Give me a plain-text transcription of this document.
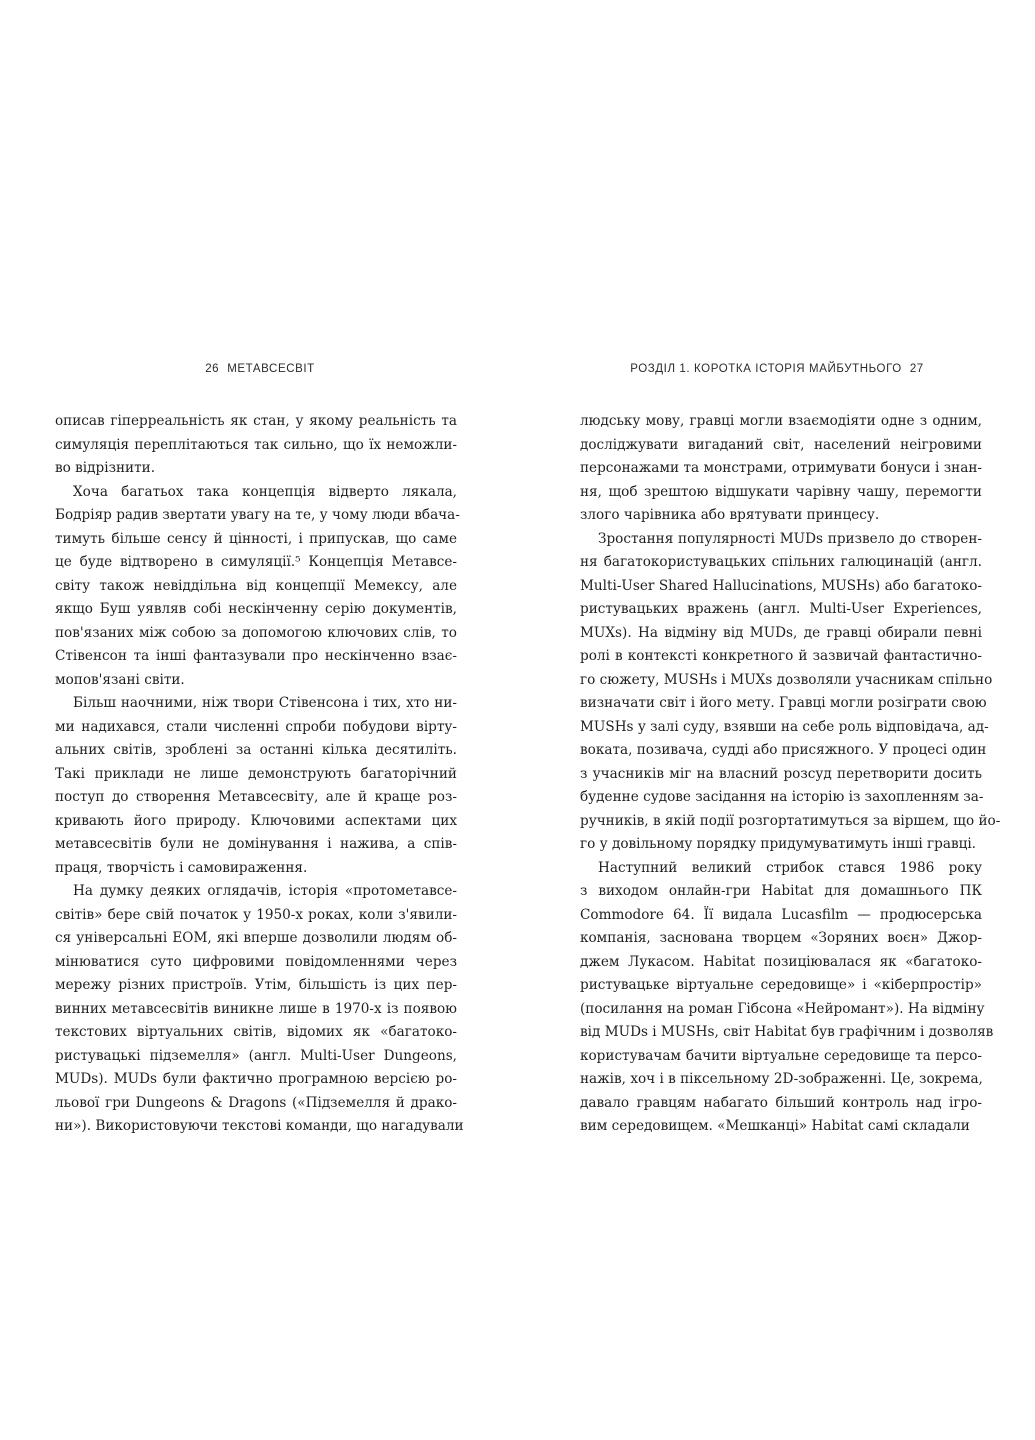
26 МЕТАВСЕСВІТ

описав гіперреальність як стан, у якому реальність та
симуляція переплітаються так сильно, що їх неможли-
во відрізнити.

Хоча багатьох така концепція відверто лякала,
Бодріяр радив звертати увагу на те, у чому люди вбача-
тимуть більше сенсу й цінності, і припускав, що саме
це буде відтворено в симуляції.⁵ Концепція Метавсе-
світу також невіддільна від концепції Мемексу, але
якщо Буш уявляв собі нескінченну серію документів,
пов'язаних між собою за допомогою ключових слів, то
Стівенсон та інші фантазували про нескінченно взає-
мопов'язані світи.

Більш наочними, ніж твори Стівенсона і тих, хто ни-
ми надихався, стали численні спроби побудови вірту-
альних світів, зроблені за останні кілька десятиліть.
Такі приклади не лише демонструють багаторічний
поступ до створення Метавсесвіту, але й краще роз-
кривають його природу. Ключовими аспектами цих
метавсесвітів були не домінування і нажива, а спів-
праця, творчість і самовираження.

На думку деяких оглядачів, історія «протометавсе-
світів» бере свій початок у 1950-х роках, коли з'явили-
ся універсальні ЕОМ, які вперше дозволили людям об-
мінюватися суто цифровими повідомленнями через
мережу різних пристроїв. Утім, більшість із цих пер-
винних метавсесвітів виникне лише в 1970-х із появою
текстових віртуальних світів, відомих як «багатоко-
ристувацькі підземелля» (англ. Multi-User Dungeons,
MUDs). MUDs були фактично програмною версією ро-
льової гри Dungeons & Dragons («Підземелля й драко-
ни»). Використовуючи текстові команди, що нагадували

РОЗДІЛ 1. КОРОТКА ІСТОРІЯ МАЙБУТНЬОГО 27

людську мову, гравці могли взаємодіяти одне з одним,
досліджувати вигаданий світ, населений неігровими
персонажами та монстрами, отримувати бонуси і знан-
ня, щоб зрештою відшукати чарівну чашу, перемогти
злого чарівника або врятувати принцесу.

Зростання популярності MUDs призвело до створен-
ня багатокористувацьких спільних галюцинацій (англ.
Multi-User Shared Hallucinations, MUSHs) або багатоко-
ристувацьких вражень (англ. Multi-User Experiences,
MUXs). На відміну від MUDs, де гравці обирали певні
ролі в контексті конкретного й зазвичай фантастично-
го сюжету, MUSHs і MUXs дозволяли учасникам спільно
визначати світ і його мету. Гравці могли розіграти свою
MUSHs у залі суду, взявши на себе роль відповідача, ад-
воката, позивача, судді або присяжного. У процесі один
з учасників міг на власний розсуд перетворити досить
буденне судове засідання на історію із захопленням за-
ручників, в якій події розгортатимуться за віршем, що йо-
го у довільному порядку придумуватимуть інші гравці.

Наступний великий стрибок стався 1986 року
з виходом онлайн-гри Habitat для домашнього ПК
Commodore 64. Її видала Lucasfilm — продюсерська
компанія, заснована творцем «Зоряних воєн» Джор-
джем Лукасом. Habitat позиціювалася як «багатоко-
ристувацьке віртуальне середовище» і «кіберпростір»
(посилання на роман Гібсона «Нейромант»). На відміну
від MUDs і MUSHs, світ Habitat був графічним і дозволяв
користувачам бачити віртуальне середовище та персо-
нажів, хоч і в піксельному 2D-зображенні. Це, зокрема,
давало гравцям набагато більший контроль над ігро-
вим середовищем. «Мешканці» Habitat самі складали
